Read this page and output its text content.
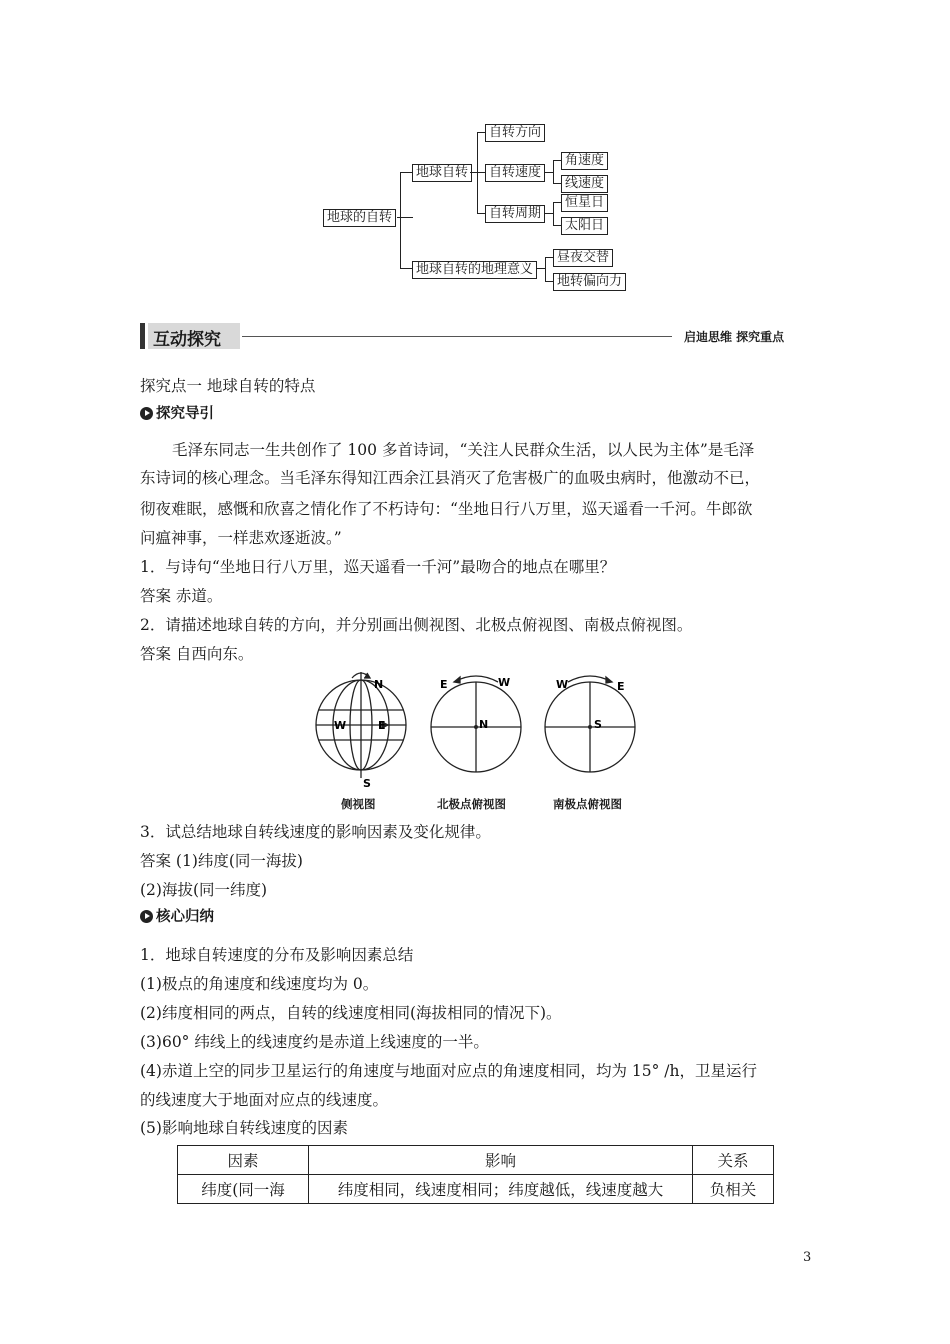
地球的自转
地球自转
地球自转的地理意义
自转方向
自转速度
自转周期
角速度
线速度
恒星日
太阳日
昼夜交替
地转偏向力
互动探究	启迪思维 探究重点
探究点一 地球自转的特点
探究导引
毛泽东同志一生共创作了 100 多首诗词，“关注人民群众生活，以人民为主体”是毛泽
东诗词的核心理念。当毛泽东得知江西余江县消灭了危害极广的血吸虫病时，他激动不已，
彻夜难眠，感慨和欣喜之情化作了不朽诗句：“坐地日行八万里，巡天遥看一千河。牛郎欲
问瘟神事，一样悲欢逐逝波。”
1．与诗句“坐地日行八万里，巡天遥看一千河”最吻合的地点在哪里？
答案 赤道。
2．请描述地球自转的方向，并分别画出侧视图、北极点俯视图、南极点俯视图。
答案 自西向东。
N
S
W	E	N
E	W
S
W	E
侧视图	北极点俯视图	南极点俯视图
3．试总结地球自转线速度的影响因素及变化规律。
答案 (1)纬度(同一海拔)
(2)海拔(同一纬度)
核心归纳
1．地球自转速度的分布及影响因素总结
(1)极点的角速度和线速度均为 0。
(2)纬度相同的两点，自转的线速度相同(海拔相同的情况下)。
(3)60° 纬线上的线速度约是赤道上线速度的一半。
(4)赤道上空的同步卫星运行的角速度与地面对应点的角速度相同，均为 15° /h，卫星运行
的线速度大于地面对应点的线速度。
(5)影响地球自转线速度的因素
因素	影响	关系
纬度(同一海	纬度相同，线速度相同；纬度越低，线速度越大	负相关
3
